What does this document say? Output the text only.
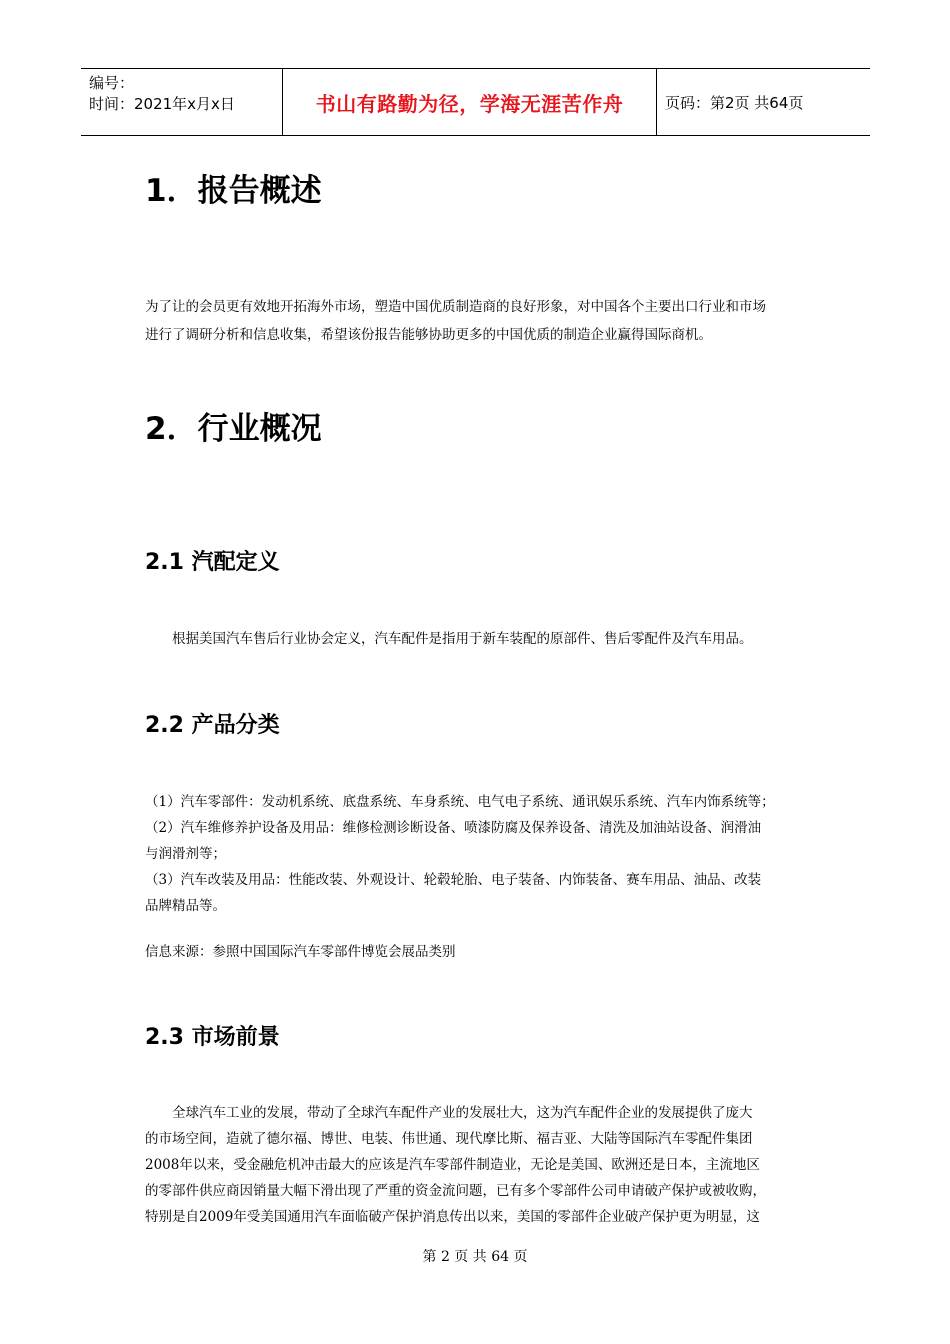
编号：
时间：2021年x月x日	书山有路勤为径，学海无涯苦作舟	页码：第2页 共64页
1．报告概述
为了让的会员更有效地开拓海外市场，塑造中国优质制造商的良好形象，对中国各个主要出口行业和市场
进行了调研分析和信息收集，希望该份报告能够协助更多的中国优质的制造企业赢得国际商机。
2．行业概况
2.1 汽配定义
根据美国汽车售后行业协会定义，汽车配件是指用于新车装配的原部件、售后零配件及汽车用品。
2.2 产品分类
（1）汽车零部件：发动机系统、底盘系统、车身系统、电气电子系统、通讯娱乐系统、汽车内饰系统等；
（2）汽车维修养护设备及用品：维修检测诊断设备、喷漆防腐及保养设备、清洗及加油站设备、润滑油
与润滑剂等；
（3）汽车改装及用品：性能改装、外观设计、轮毂轮胎、电子装备、内饰装备、赛车用品、油品、改装
品牌精品等。
信息来源：参照中国国际汽车零部件博览会展品类别
2.3 市场前景
全球汽车工业的发展，带动了全球汽车配件产业的发展壮大，这为汽车配件企业的发展提供了庞大
的市场空间，造就了德尔福、博世、电装、伟世通、现代摩比斯、福吉亚、大陆等国际汽车零配件集团
2008年以来，受金融危机冲击最大的应该是汽车零部件制造业，无论是美国、欧洲还是日本，主流地区
的零部件供应商因销量大幅下滑出现了严重的资金流问题，已有多个零部件公司申请破产保护或被收购，
特别是自2009年受美国通用汽车面临破产保护消息传出以来，美国的零部件企业破产保护更为明显，这
第 2 页 共 64 页
